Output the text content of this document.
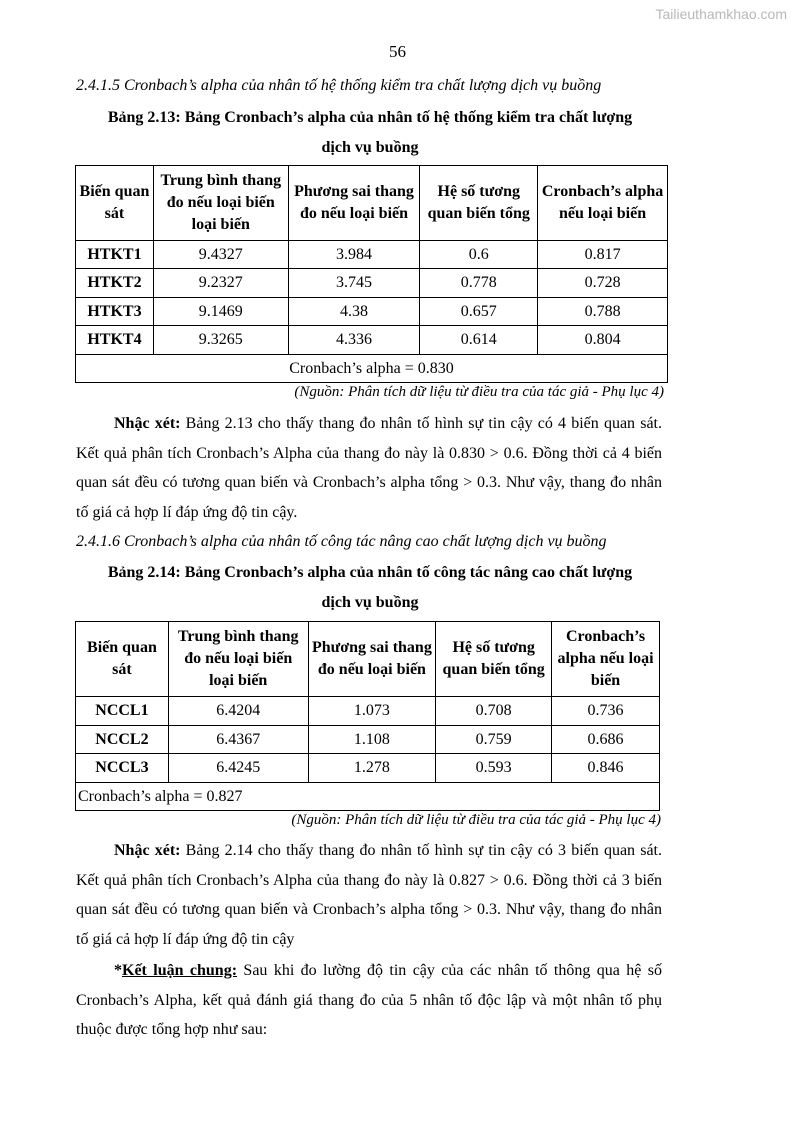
Tailieuthamkhao.com
56
2.4.1.5 Cronbach’s alpha của nhân tố hệ thống kiểm tra chất lượng dịch vụ buồng
Bảng 2.13: Bảng Cronbach’s alpha của nhân tố hệ thống kiểm tra chất lượng
dịch vụ buồng
Biến quan sát	Trung bình thang đo nếu loại biến loại biến	Phương sai thang đo nếu loại biến	Hệ số tương quan biến tổng	Cronbach’s alpha nếu loại biến
HTKT1	9.4327	3.984	0.6	0.817
HTKT2	9.2327	3.745	0.778	0.728
HTKT3	9.1469	4.38	0.657	0.788
HTKT4	9.3265	4.336	0.614	0.804
Cronbach’s alpha = 0.830				
(Nguồn: Phân tích dữ liệu từ điều tra của tác giả - Phụ lục 4)
Nhậc xét: Bảng 2.13 cho thấy thang đo nhân tố hình sự tin cậy có 4 biến quan sát. Kết quả phân tích Cronbach’s Alpha của thang đo này là 0.830 > 0.6. Đồng thời cả 4 biến quan sát đều có tương quan biến và Cronbach’s alpha tổng > 0.3. Như vậy, thang đo nhân tố giá cả hợp lí đáp ứng độ tin cậy.
2.4.1.6 Cronbach’s alpha của nhân tố công tác nâng cao chất lượng dịch vụ buồng
Bảng 2.14: Bảng Cronbach’s alpha của nhân tố công tác nâng cao chất lượng
dịch vụ buồng
Biến quan sát	Trung bình thang đo nếu loại biến loại biến	Phương sai thang đo nếu loại biến	Hệ số tương quan biến tổng	Cronbach’s alpha nếu loại biến
NCCL1	6.4204	1.073	0.708	0.736
NCCL2	6.4367	1.108	0.759	0.686
NCCL3	6.4245	1.278	0.593	0.846
Cronbach’s alpha = 0.827				
(Nguồn: Phân tích dữ liệu từ điều tra của tác giả - Phụ lục 4)
Nhậc xét: Bảng 2.14 cho thấy thang đo nhân tố hình sự tin cậy có 3 biến quan sát. Kết quả phân tích Cronbach’s Alpha của thang đo này là 0.827 > 0.6. Đồng thời cả 3 biến quan sát đều có tương quan biến và Cronbach’s alpha tổng > 0.3. Như vậy, thang đo nhân tố giá cả hợp lí đáp ứng độ tin cậy
*Kết luận chung: Sau khi đo lường độ tin cậy của các nhân tố thông qua hệ số Cronbach’s Alpha, kết quả đánh giá thang đo của 5 nhân tố độc lập và một nhân tố phụ thuộc được tổng hợp như sau:
